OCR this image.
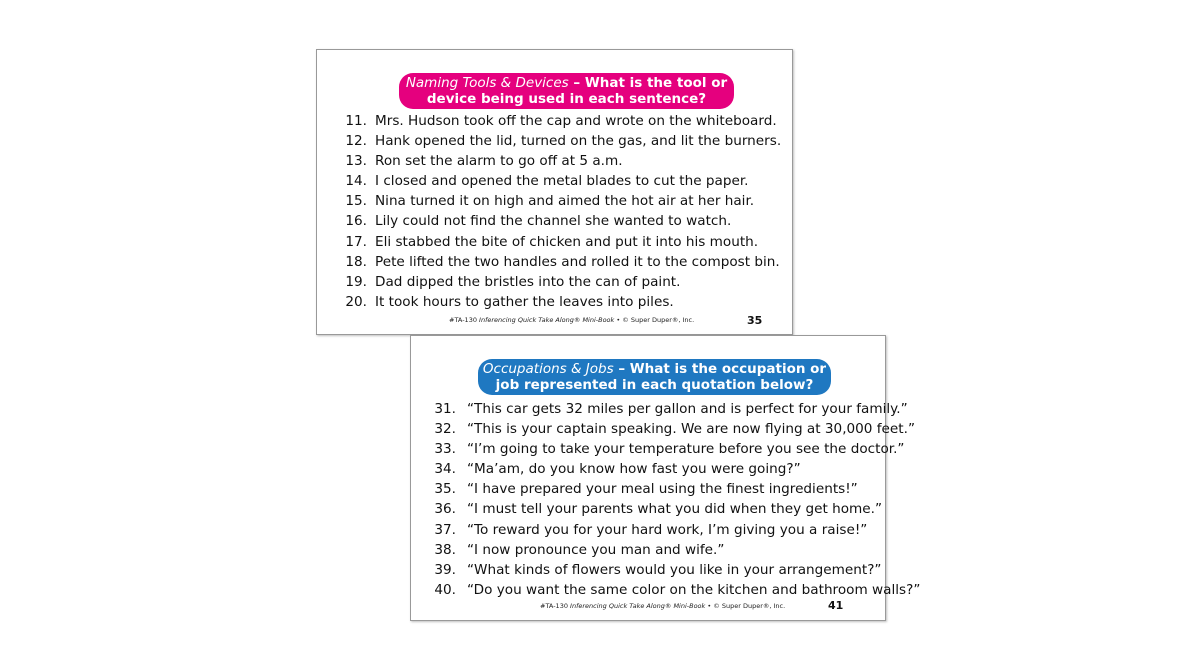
Naming Tools & Devices – What is the tool or device being used in each sentence?
11. Mrs. Hudson took off the cap and wrote on the whiteboard.
12. Hank opened the lid, turned on the gas, and lit the burners.
13. Ron set the alarm to go off at 5 a.m.
14. I closed and opened the metal blades to cut the paper.
15. Nina turned it on high and aimed the hot air at her hair.
16. Lily could not find the channel she wanted to watch.
17. Eli stabbed the bite of chicken and put it into his mouth.
18. Pete lifted the two handles and rolled it to the compost bin.
19. Dad dipped the bristles into the can of paint.
20. It took hours to gather the leaves into piles.
#TA-130 Inferencing Quick Take Along® Mini-Book • © Super Duper®, Inc.	35
Occupations & Jobs – What is the occupation or job represented in each quotation below?
31. “This car gets 32 miles per gallon and is perfect for your family.”
32. “This is your captain speaking. We are now flying at 30,000 feet.”
33. “I’m going to take your temperature before you see the doctor.”
34. “Ma’am, do you know how fast you were going?”
35. “I have prepared your meal using the finest ingredients!”
36. “I must tell your parents what you did when they get home.”
37. “To reward you for your hard work, I’m giving you a raise!”
38. “I now pronounce you man and wife.”
39. “What kinds of flowers would you like in your arrangement?”
40. “Do you want the same color on the kitchen and bathroom walls?”
#TA-130 Inferencing Quick Take Along® Mini-Book • © Super Duper®, Inc.	41
